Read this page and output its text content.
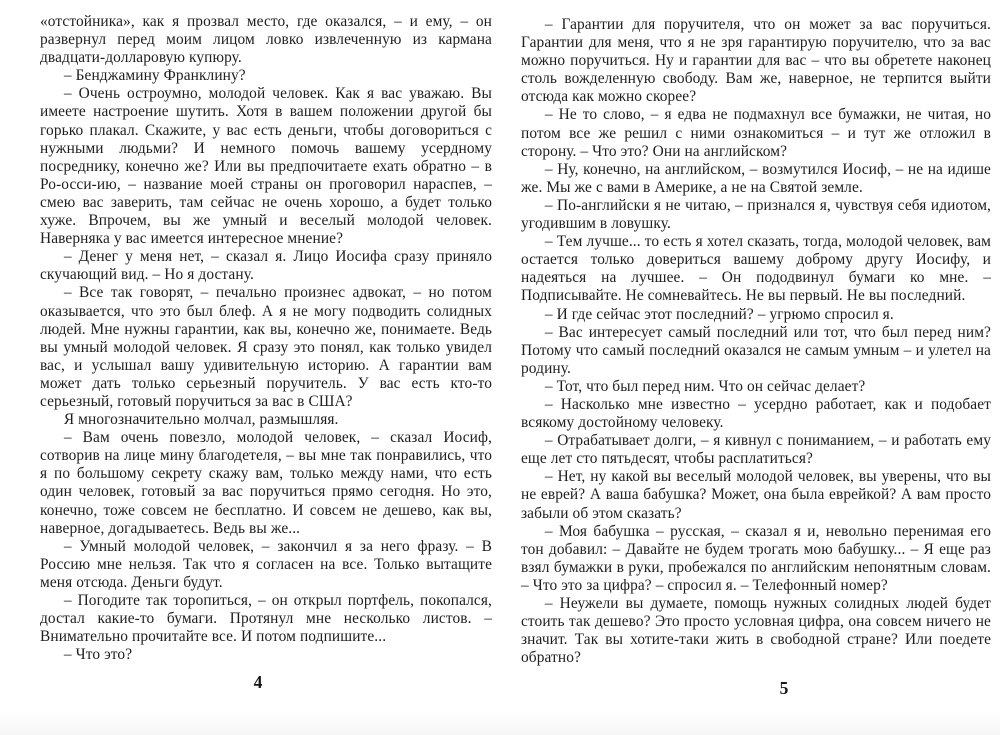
«отстойника», как я прозвал место, где оказался, – и ему, – он развернул перед моим лицом ловко извлеченную из кармана двадцати-долларовую купюру.

– Бенджамину Франклину?

– Очень остроумно, молодой человек. Как я вас уважаю. Вы имеете настроение шутить. Хотя в вашем положении другой бы горько плакал. Скажите, у вас есть деньги, чтобы договориться с нужными людьми? И немного помочь вашему усердному посреднику, конечно же? Или вы предпочитаете ехать обратно – в Ро-осси-ию, – название моей страны он проговорил нараспев, – смею вас заверить, там сейчас не очень хорошо, а будет только хуже. Впрочем, вы же умный и веселый молодой человек. Наверняка у вас имеется интересное мнение?

– Денег у меня нет, – сказал я. Лицо Иосифа сразу приняло скучающий вид. – Но я достану.

– Все так говорят, – печально произнес адвокат, – но потом оказывается, что это был блеф. А я не могу подводить солидных людей. Мне нужны гарантии, как вы, конечно же, понимаете. Ведь вы умный молодой человек. Я сразу это понял, как только увидел вас, и услышал вашу удивительную историю. А гарантии вам может дать только серьезный поручитель. У вас есть кто-то серьезный, готовый поручиться за вас в США?

Я многозначительно молчал, размышляя.

– Вам очень повезло, молодой человек, – сказал Иосиф, сотворив на лице мину благодетеля, – вы мне так понравились, что я по большому секрету скажу вам, только между нами, что есть один человек, готовый за вас поручиться прямо сегодня. Но это, конечно, тоже совсем не бесплатно. И совсем не дешево, как вы, наверное, догадываетесь. Ведь вы же...

– Умный молодой человек, – закончил я за него фразу. – В Россию мне нельзя. Так что я согласен на все. Только вытащите меня отсюда. Деньги будут.

– Погодите так торопиться, – он открыл портфель, покопался, достал какие-то бумаги. Протянул мне несколько листов. – Внимательно прочитайте все. И потом подпишите...

– Что это?

4

– Гарантии для поручителя, что он может за вас поручиться. Гарантии для меня, что я не зря гарантирую поручителю, что за вас можно поручиться. Ну и гарантии для вас – что вы обретете наконец столь вожделенную свободу. Вам же, наверное, не терпится выйти отсюда как можно скорее?

– Не то слово, – я едва не подмахнул все бумажки, не читая, но потом все же решил с ними ознакомиться – и тут же отложил в сторону. – Что это? Они на английском?

– Ну, конечно, на английском, – возмутился Иосиф, – не на идише же. Мы же с вами в Америке, а не на Святой земле.

– По-английски я не читаю, – признался я, чувствуя себя идиотом, угодившим в ловушку.

– Тем лучше... то есть я хотел сказать, тогда, молодой человек, вам остается только довериться вашему доброму другу Иосифу, и надеяться на лучшее. – Он пододвинул бумаги ко мне. – Подписывайте. Не сомневайтесь. Не вы первый. Не вы последний.

– И где сейчас этот последний? – угрюмо спросил я.

– Вас интересует самый последний или тот, что был перед ним? Потому что самый последний оказался не самым умным – и улетел на родину.

– Тот, что был перед ним. Что он сейчас делает?

– Насколько мне известно – усердно работает, как и подобает всякому достойному человеку.

– Отрабатывает долги, – я кивнул с пониманием, – и работать ему еще лет сто пятьдесят, чтобы расплатиться?

– Нет, ну какой вы веселый молодой человек, вы уверены, что вы не еврей? А ваша бабушка? Может, она была еврейкой? А вам просто забыли об этом сказать?

– Моя бабушка – русская, – сказал я и, невольно перенимая его тон добавил: – Давайте не будем трогать мою бабушку... – Я еще раз взял бумажки в руки, пробежался по английским непонятным словам. – Что это за цифра? – спросил я. – Телефонный номер?

– Неужели вы думаете, помощь нужных солидных людей будет стоить так дешево? Это просто условная цифра, она совсем ничего не значит. Так вы хотите-таки жить в свободной стране? Или поедете обратно?

5
